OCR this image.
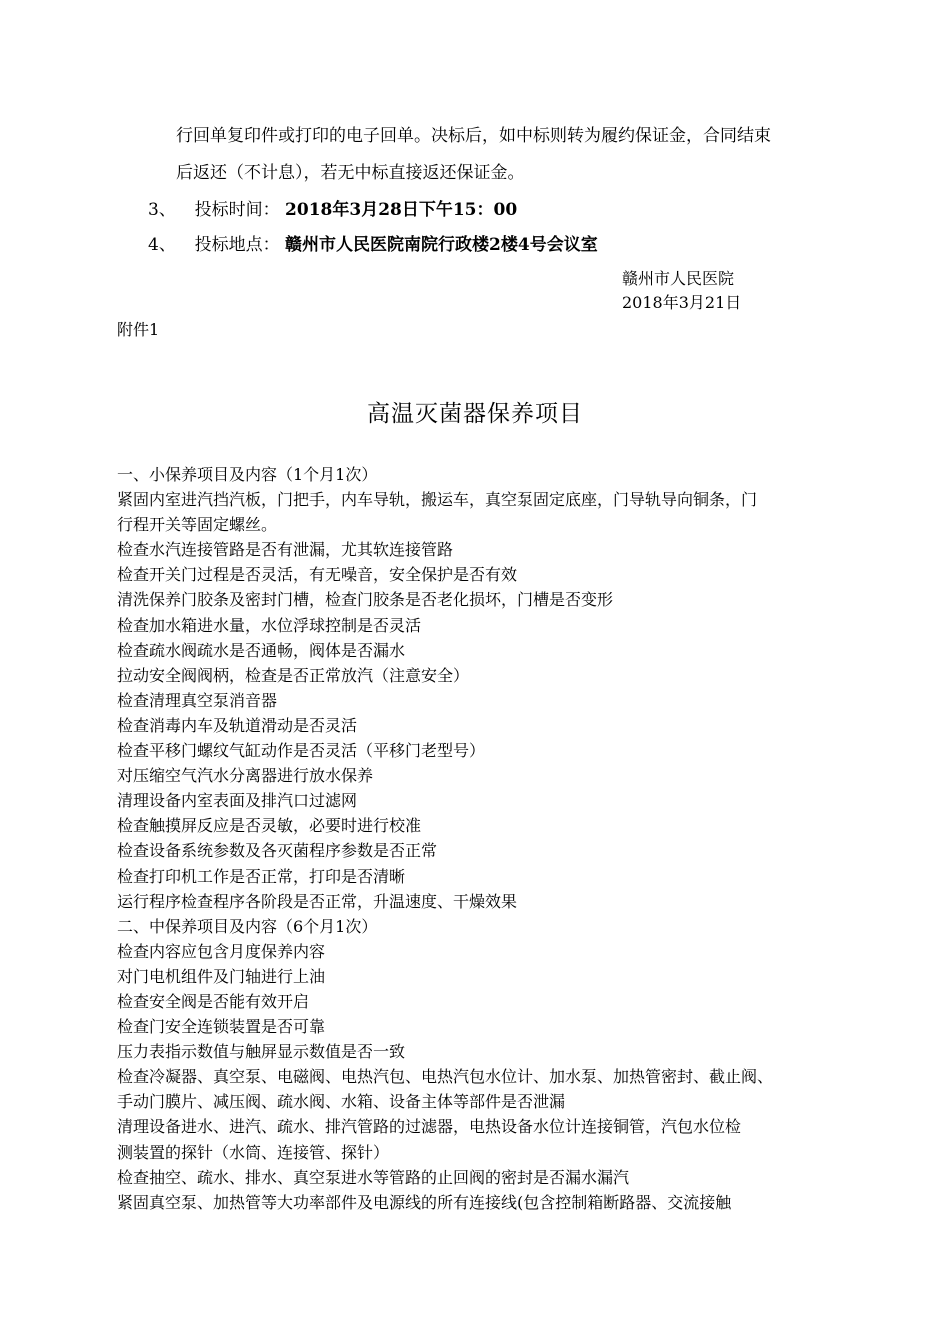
行回单复印件或打印的电子回单。决标后，如中标则转为履约保证金，合同结束
后返还（不计息），若无中标直接返还保证金。
3、 投标时间： 2018年3月28日下午15：00
4、 投标地点： 赣州市人民医院南院行政楼2楼4号会议室
赣州市人民医院
2018年3月21日
附件1
高温灭菌器保养项目
一、小保养项目及内容（1个月1次）
紧固内室进汽挡汽板，门把手，内车导轨，搬运车，真空泵固定底座，门导轨导向铜条，门
行程开关等固定螺丝。
检查水汽连接管路是否有泄漏，尤其软连接管路
检查开关门过程是否灵活，有无噪音，安全保护是否有效
清洗保养门胶条及密封门槽，检查门胶条是否老化损坏，门槽是否变形
检查加水箱进水量，水位浮球控制是否灵活
检查疏水阀疏水是否通畅，阀体是否漏水
拉动安全阀阀柄，检查是否正常放汽（注意安全）
检查清理真空泵消音器
检查消毒内车及轨道滑动是否灵活
检查平移门螺纹气缸动作是否灵活（平移门老型号）
对压缩空气汽水分离器进行放水保养
清理设备内室表面及排汽口过滤网
检查触摸屏反应是否灵敏，必要时进行校准
检查设备系统参数及各灭菌程序参数是否正常
检查打印机工作是否正常，打印是否清晰
运行程序检查程序各阶段是否正常，升温速度、干燥效果
二、中保养项目及内容（6个月1次）
检查内容应包含月度保养内容
对门电机组件及门轴进行上油
检查安全阀是否能有效开启
检查门安全连锁装置是否可靠
压力表指示数值与触屏显示数值是否一致
检查冷凝器、真空泵、电磁阀、电热汽包、电热汽包水位计、加水泵、加热管密封、截止阀、
手动门膜片、减压阀、疏水阀、水箱、设备主体等部件是否泄漏
清理设备进水、进汽、疏水、排汽管路的过滤器，电热设备水位计连接铜管，汽包水位检
测装置的探针（水筒、连接管、探针）
检查抽空、疏水、排水、真空泵进水等管路的止回阀的密封是否漏水漏汽
紧固真空泵、加热管等大功率部件及电源线的所有连接线(包含控制箱断路器、交流接触
